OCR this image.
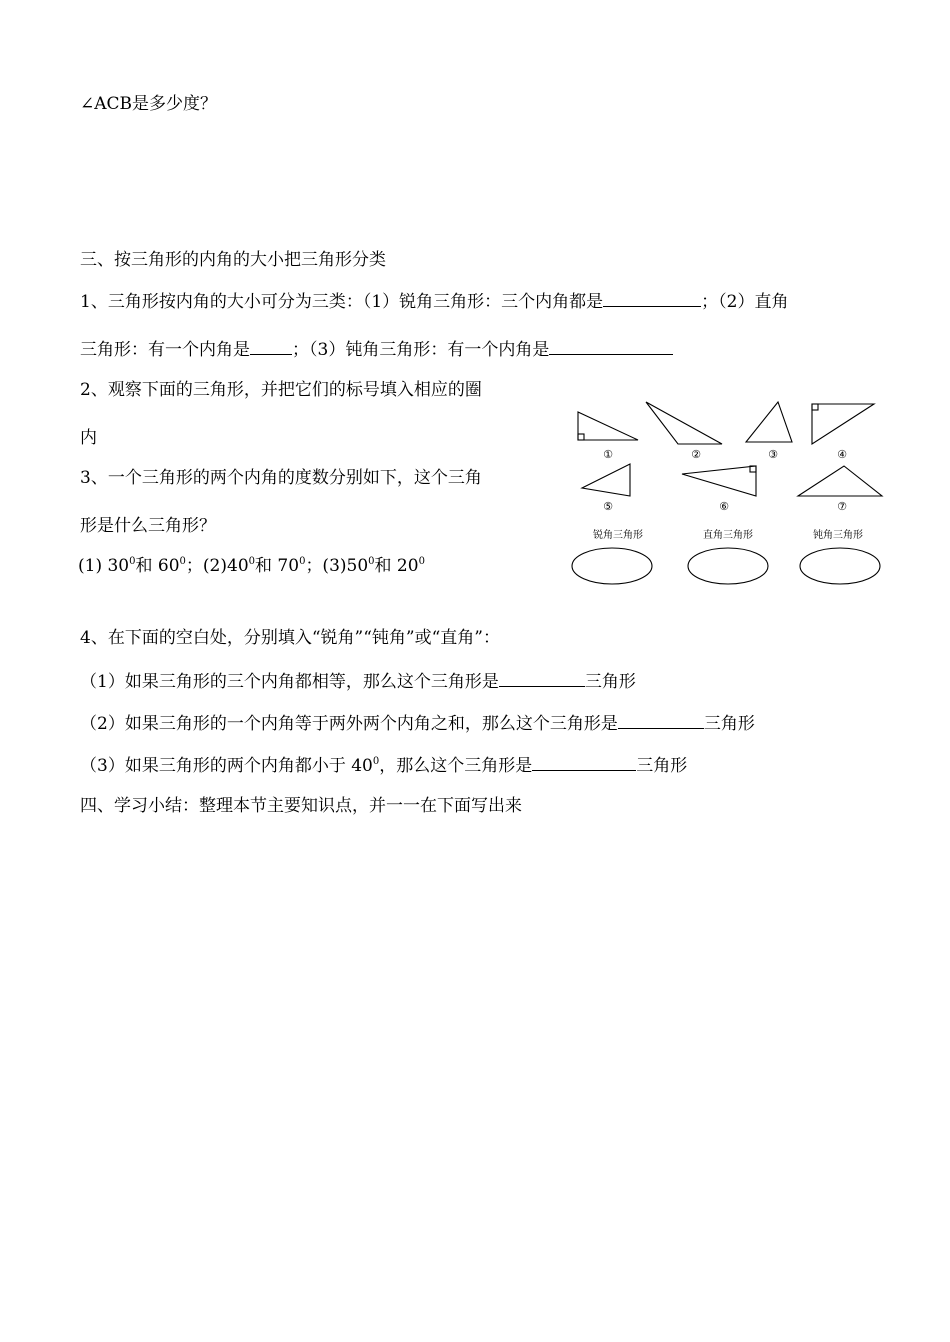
∠ACB是多少度？
三、按三角形的内角的大小把三角形分类
1、三角形按内角的大小可分为三类：（1）锐角三角形：三个内角都是	；（2）直角
三角形：有一个内角是 ；（3）钝角三角形：有一个内角是
2、观察下面的三角形，并把它们的标号填入相应的圈
内
3、一个三角形的两个内角的度数分别如下，这个三角
形是什么三角形？
(1) $30^0$和 $60^0$；$(2)40^0$和 $70^0$；$(3)50^0$和 $20^0$
①	②	③	④
⑤	⑥	⑦
锐角三角形	直角三角形	钝角三角形
4、在下面的空白处，分别填入“锐角”“钝角”或“直角”：
（1）如果三角形的三个内角都相等，那么这个三角形是	三角形
（2）如果三角形的一个内角等于两外两个内角之和，那么这个三角形是	三角形
（3）如果三角形的两个内角都小于 $40^0$，那么这个三角形是	三角形
四、学习小结：整理本节主要知识点，并一一在下面写出来
